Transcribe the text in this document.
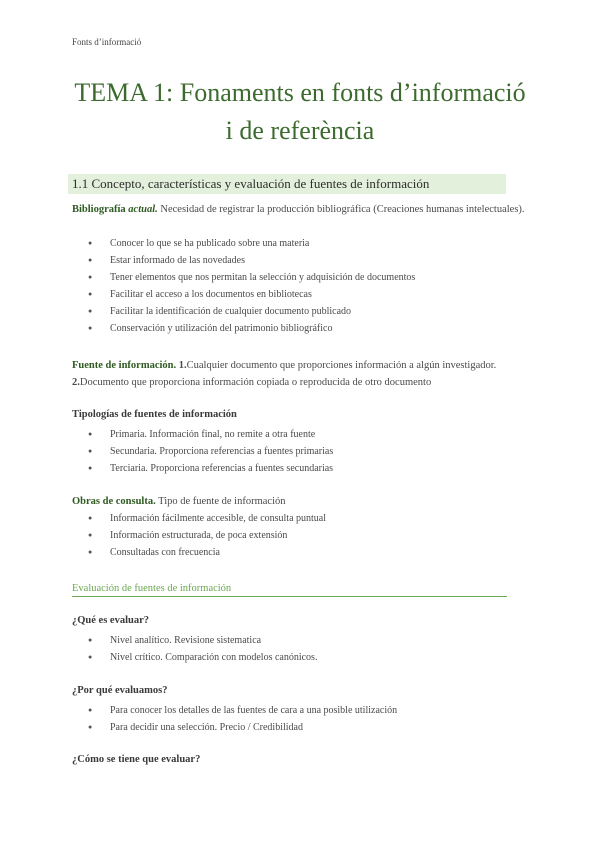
Fonts d’informació
TEMA 1: Fonaments en fonts d’informació
i de referència
1.1 Concepto, características y evaluación de fuentes de información
Bibliografía actual. Necesidad de registrar la producción bibliográfica (Creaciones humanas intelectuales).
● Conocer lo que se ha publicado sobre una materia
● Estar informado de las novedades
● Tener elementos que nos permitan la selección y adquisición de documentos
● Facilitar el acceso a los documentos en bibliotecas
● Facilitar la identificación de cualquier documento publicado
● Conservación y utilización del patrimonio bibliográfico
Fuente de información. 1.Cualquier documento que proporciones información a algún investigador.
2.Documento que proporciona información copiada o reproducida de otro documento
Tipologías de fuentes de información
● Primaria. Información final, no remite a otra fuente
● Secundaria. Proporciona referencias a fuentes primarias
● Terciaria. Proporciona referencias a fuentes secundarias
Obras de consulta. Tipo de fuente de información
● Información fácilmente accesible, de consulta puntual
● Información estructurada, de poca extensión
● Consultadas con frecuencia
Evaluación de fuentes de información
¿Qué es evaluar?
● Nivel analítico. Revisione sistematica
● Nivel crítico. Comparación con modelos canónicos.
¿Por qué evaluamos?
● Para conocer los detalles de las fuentes de cara a una posible utilización
● Para decidir una selección. Precio / Credibilidad
¿Cómo se tiene que evaluar?
